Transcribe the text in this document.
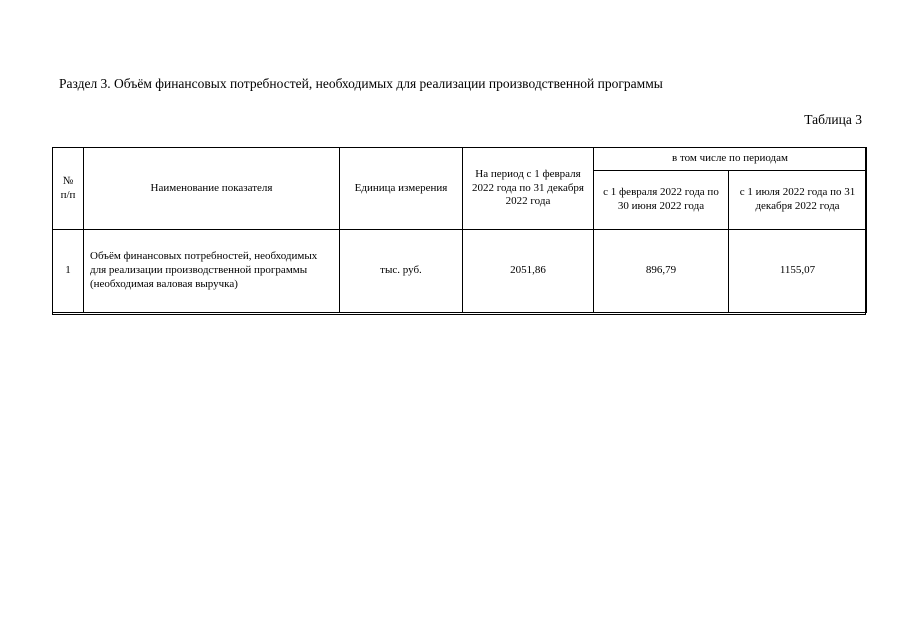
Раздел 3. Объём финансовых потребностей, необходимых для реализации производственной программы
Таблица 3
№ п/п	Наименование показателя	Единица измерения	На период с 1 февраля 2022 года по 31 декабря 2022 года	в том числе по периодам	
				с 1 февраля 2022 года по 30 июня 2022 года	с 1 июля 2022 года по 31 декабря 2022 года
1	Объём финансовых потребностей, необходимых для реализации производственной программы (необходимая валовая выручка)	тыс. руб.	2051,86	896,79	1155,07
